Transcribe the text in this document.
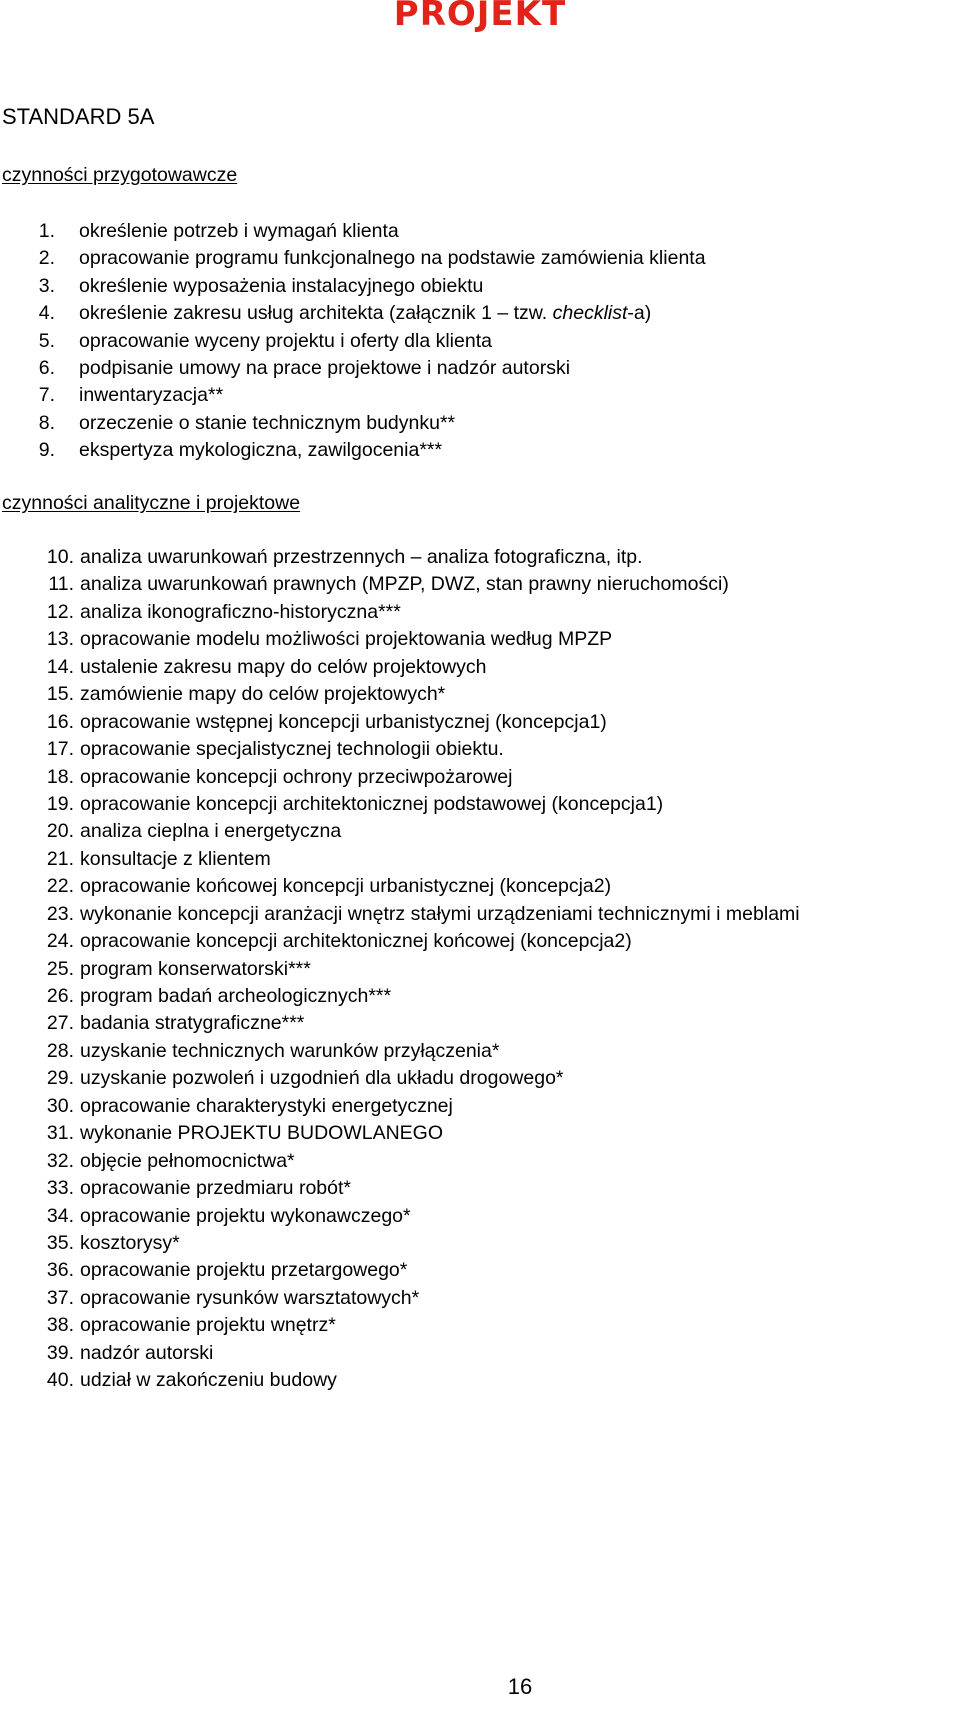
PROJEKT
STANDARD 5A
czynności przygotowawcze
1. określenie potrzeb i wymagań klienta
2. opracowanie programu funkcjonalnego na podstawie zamówienia klienta
3. określenie wyposażenia instalacyjnego obiektu
4. określenie zakresu usług architekta (załącznik 1 – tzw. checklist-a)
5. opracowanie wyceny projektu i oferty dla klienta
6. podpisanie umowy na prace projektowe i nadzór autorski
7. inwentaryzacja**
8. orzeczenie o stanie technicznym budynku**
9. ekspertyza mykologiczna, zawilgocenia***
czynności analityczne i projektowe
10. analiza uwarunkowań przestrzennych – analiza fotograficzna, itp.
11. analiza uwarunkowań prawnych (MPZP, DWZ, stan prawny nieruchomości)
12. analiza ikonograficzno-historyczna***
13. opracowanie modelu możliwości projektowania według MPZP
14. ustalenie zakresu mapy do celów projektowych
15. zamówienie mapy do celów projektowych*
16. opracowanie wstępnej koncepcji urbanistycznej (koncepcja1)
17. opracowanie specjalistycznej technologii obiektu.
18. opracowanie koncepcji ochrony przeciwpożarowej
19. opracowanie koncepcji architektonicznej podstawowej (koncepcja1)
20. analiza cieplna i energetyczna
21. konsultacje z klientem
22. opracowanie końcowej koncepcji urbanistycznej (koncepcja2)
23. wykonanie koncepcji aranżacji wnętrz stałymi urządzeniami technicznymi i meblami
24. opracowanie koncepcji architektonicznej końcowej (koncepcja2)
25. program konserwatorski***
26. program badań archeologicznych***
27. badania stratygraficzne***
28. uzyskanie technicznych warunków przyłączenia*
29. uzyskanie pozwoleń i uzgodnień dla układu drogowego*
30. opracowanie charakterystyki energetycznej
31. wykonanie PROJEKTU BUDOWLANEGO
32. objęcie pełnomocnictwa*
33. opracowanie przedmiaru robót*
34. opracowanie projektu wykonawczego*
35. kosztorysy*
36. opracowanie projektu przetargowego*
37. opracowanie rysunków warsztatowych*
38. opracowanie projektu wnętrz*
39. nadzór autorski
40. udział w zakończeniu budowy
16
